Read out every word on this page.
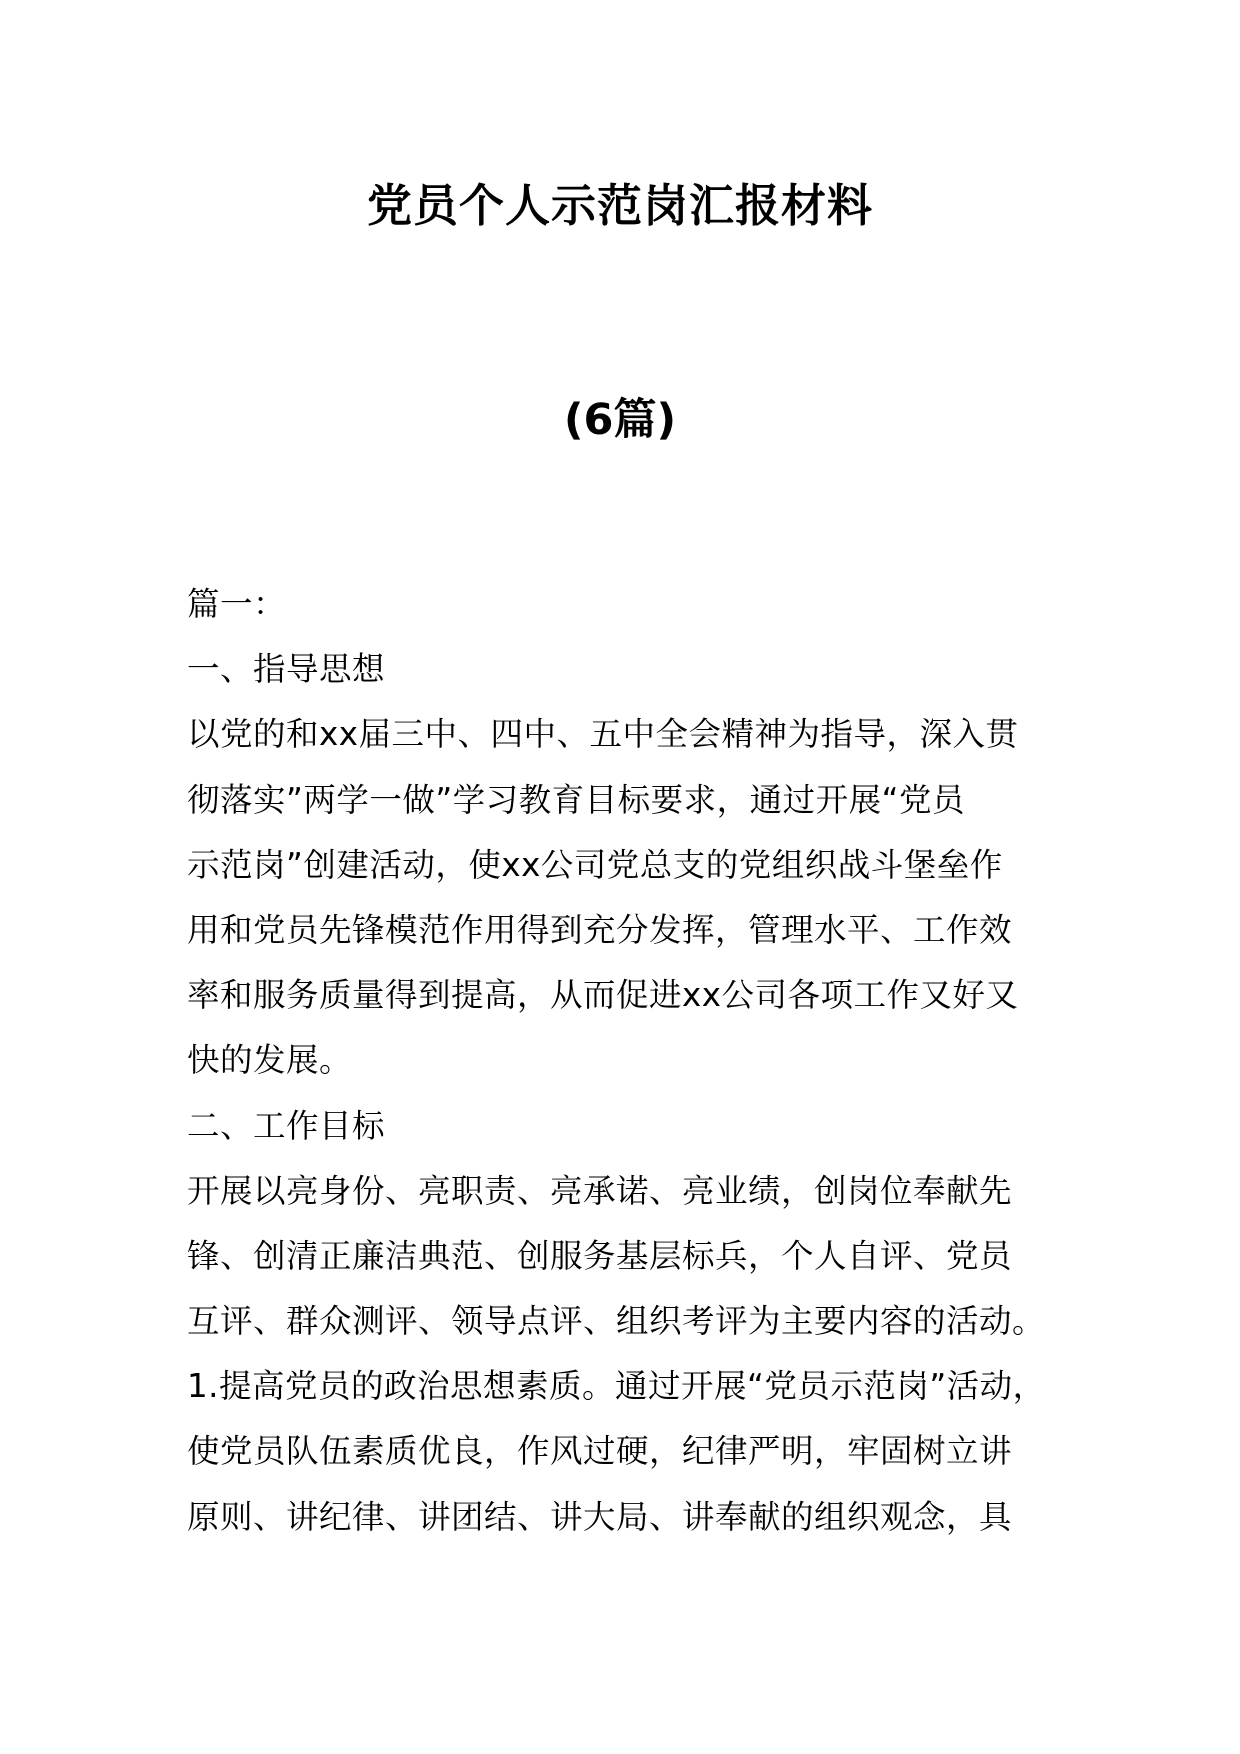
党员个人示范岗汇报材料
(6篇)
篇一：
一、指导思想
以党的和xx届三中、四中、五中全会精神为指导，深入贯
彻落实”两学一做”学习教育目标要求，通过开展“党员
示范岗”创建活动，使xx公司党总支的党组织战斗堡垒作
用和党员先锋模范作用得到充分发挥，管理水平、工作效
率和服务质量得到提高，从而促进xx公司各项工作又好又
快的发展。
二、工作目标
开展以亮身份、亮职责、亮承诺、亮业绩，创岗位奉献先
锋、创清正廉洁典范、创服务基层标兵，个人自评、党员
互评、群众测评、领导点评、组织考评为主要内容的活动。
1.提高党员的政治思想素质。通过开展“党员示范岗”活动，
使党员队伍素质优良，作风过硬，纪律严明，牢固树立讲
原则、讲纪律、讲团结、讲大局、讲奉献的组织观念，具
